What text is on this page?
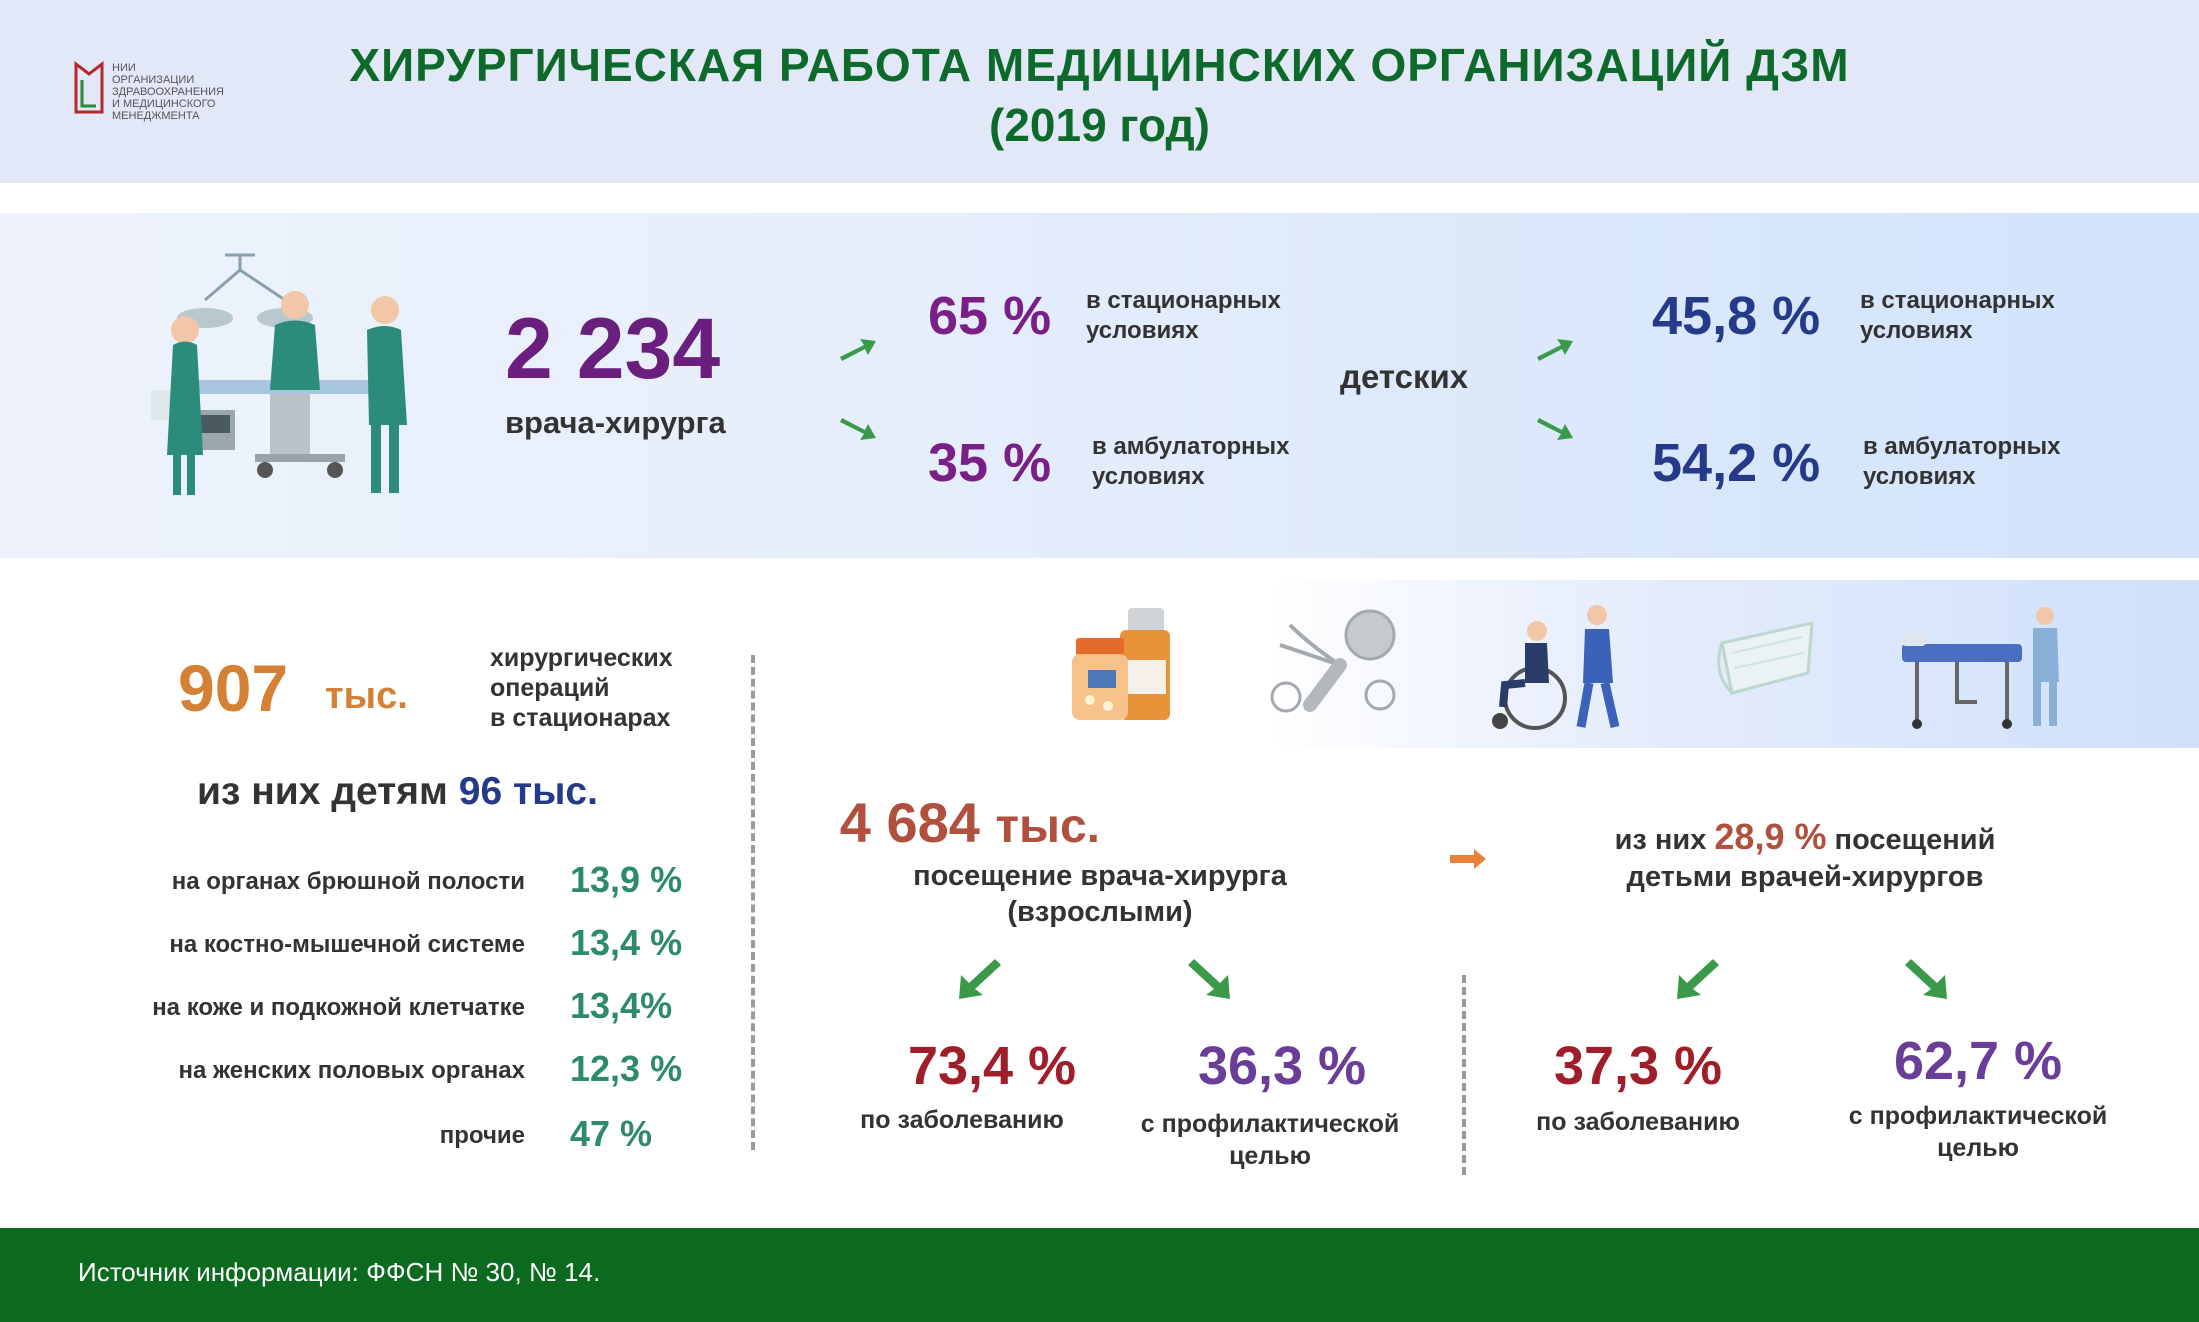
НИИ
ОРГАНИЗАЦИИ
ЗДРАВООХРАНЕНИЯ
И МЕДИЦИНСКОГО
МЕНЕДЖМЕНТА
ХИРУРГИЧЕСКАЯ РАБОТА МЕДИЦИНСКИХ ОРГАНИЗАЦИЙ ДЗМ
(2019 год)
2 234
врача-хирурга
65 % в стационарных
условиях
35 % в амбулаторных
условиях
детских
45,8 % в стационарных
условиях
54,2 % в амбулаторных
условиях
907 тыс.
хирургических
операций
в стационарах
из них детям 96 тыс.
на органах брюшной полости 13,9 %
на костно-мышечной системе 13,4 %
на коже и подкожной клетчатке 13,4%
на женских половых органах 12,3 %
прочие 47 %
4 684 тыс.
посещение врача-хирурга
(взрослыми)
из них 28,9 % посещений
детьми врачей-хирургов
73,4 %
по заболеванию
36,3 %
с профилактической
целью
37,3 %
по заболеванию
62,7 %
с профилактической
целью
Источник информации: ФФСН № 30, № 14.
